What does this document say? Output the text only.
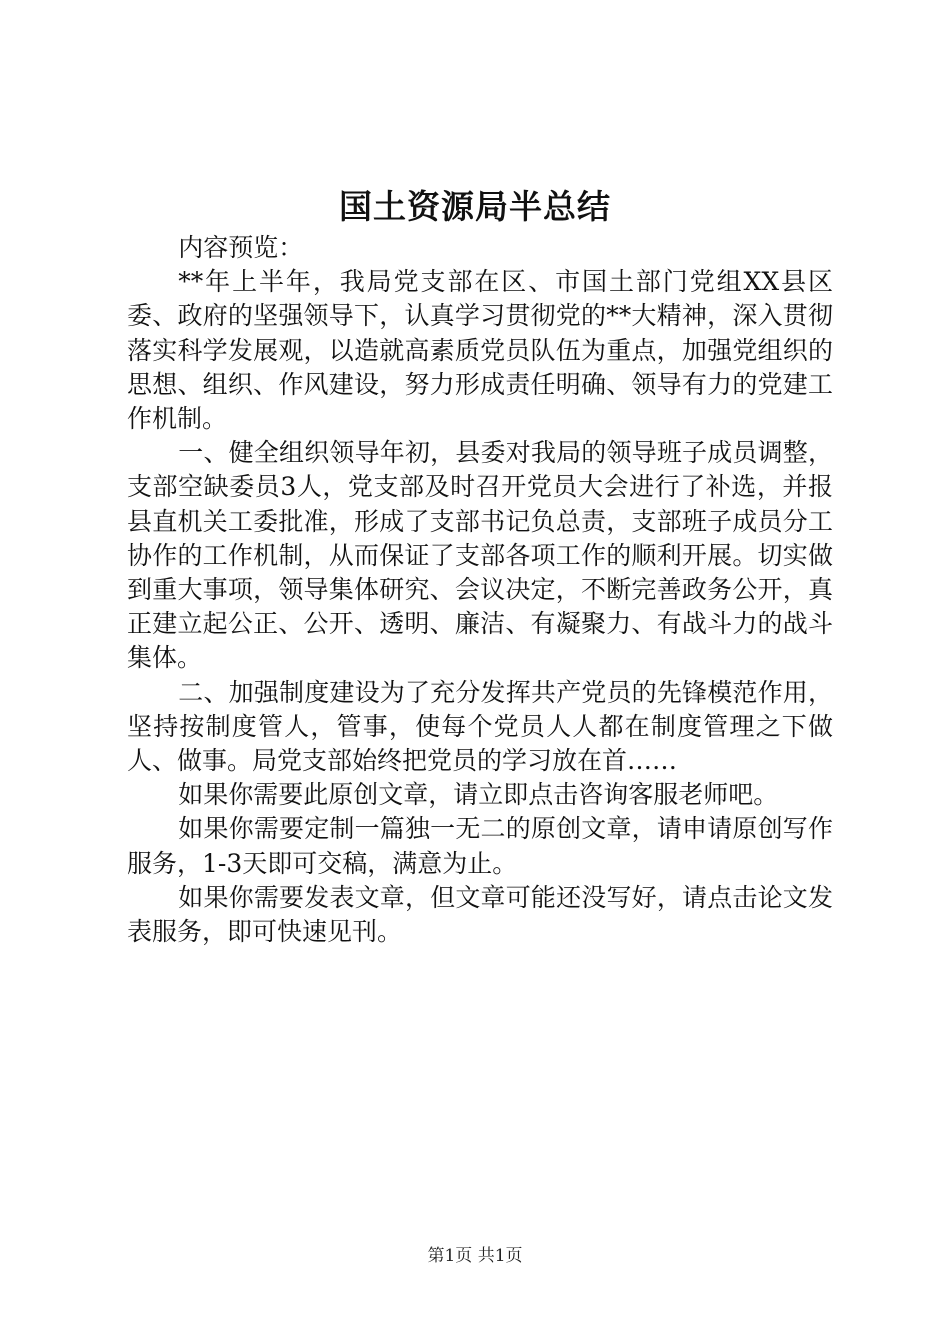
国土资源局半总结

内容预览：

**年上半年，我局党支部在区、市国土部门党组XX县区委、政府的坚强领导下，认真学习贯彻党的**大精神，深入贯彻落实科学发展观，以造就高素质党员队伍为重点，加强党组织的思想、组织、作风建设，努力形成责任明确、领导有力的党建工作机制。

一、健全组织领导年初，县委对我局的领导班子成员调整，支部空缺委员3人，党支部及时召开党员大会进行了补选，并报县直机关工委批准，形成了支部书记负总责，支部班子成员分工协作的工作机制，从而保证了支部各项工作的顺利开展。切实做到重大事项，领导集体研究、会议决定，不断完善政务公开，真正建立起公正、公开、透明、廉洁、有凝聚力、有战斗力的战斗集体。

二、加强制度建设为了充分发挥共产党员的先锋模范作用，坚持按制度管人，管事，使每个党员人人都在制度管理之下做人、做事。局党支部始终把党员的学习放在首……

如果你需要此原创文章，请立即点击咨询客服老师吧。

如果你需要定制一篇独一无二的原创文章，请申请原创写作服务，1-3天即可交稿，满意为止。

如果你需要发表文章，但文章可能还没写好，请点击论文发表服务，即可快速见刊。

第1页 共1页
